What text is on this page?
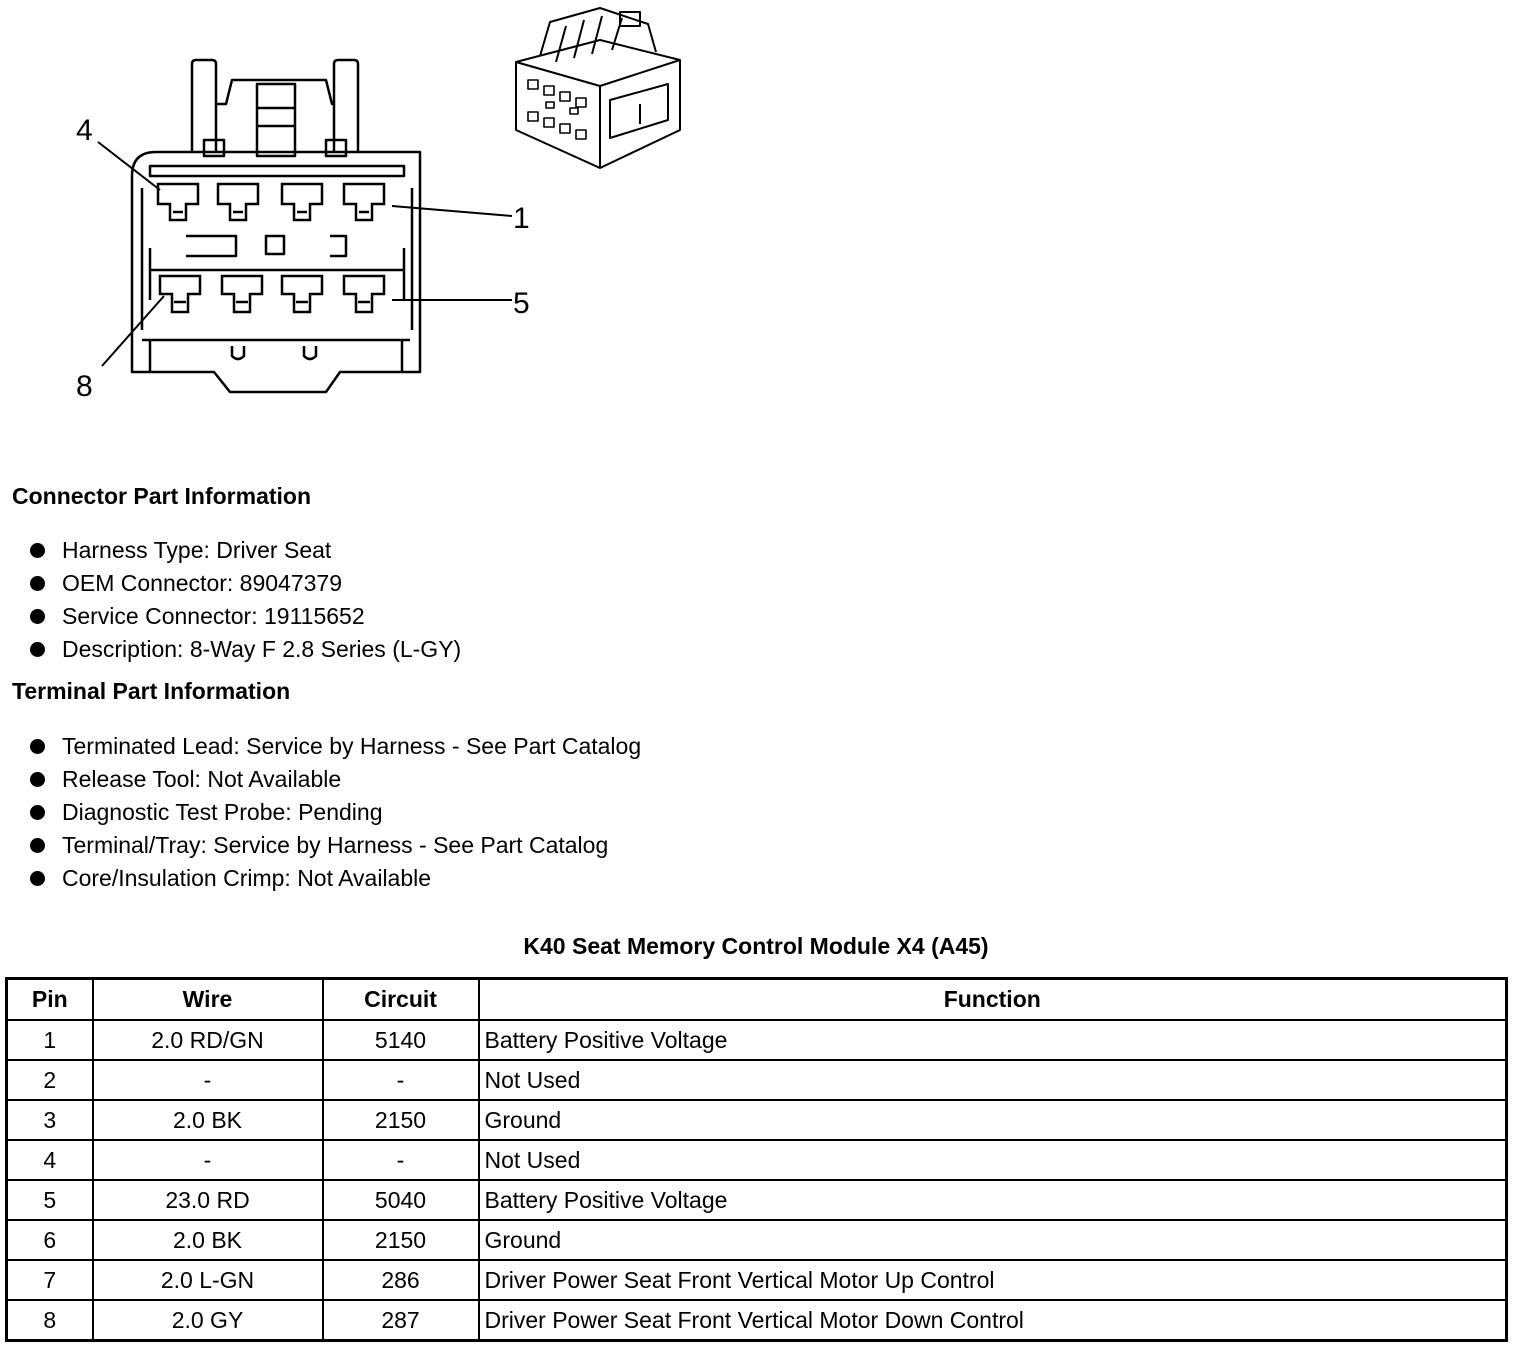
4
1
5
8
Connector Part Information
Harness Type: Driver Seat
OEM Connector: 89047379
Service Connector: 19115652
Description: 8-Way F 2.8 Series (L-GY)
Terminal Part Information
Terminated Lead: Service by Harness - See Part Catalog
Release Tool: Not Available
Diagnostic Test Probe: Pending
Terminal/Tray: Service by Harness - See Part Catalog
Core/Insulation Crimp: Not Available
K40 Seat Memory Control Module X4 (A45)
Pin	Wire	Circuit	Function
1	2.0 RD/GN	5140	Battery Positive Voltage
2	-	-	Not Used
3	2.0 BK	2150	Ground
4	-	-	Not Used
5	23.0 RD	5040	Battery Positive Voltage
6	2.0 BK	2150	Ground
7	2.0 L-GN	286	Driver Power Seat Front Vertical Motor Up Control
8	2.0 GY	287	Driver Power Seat Front Vertical Motor Down Control
